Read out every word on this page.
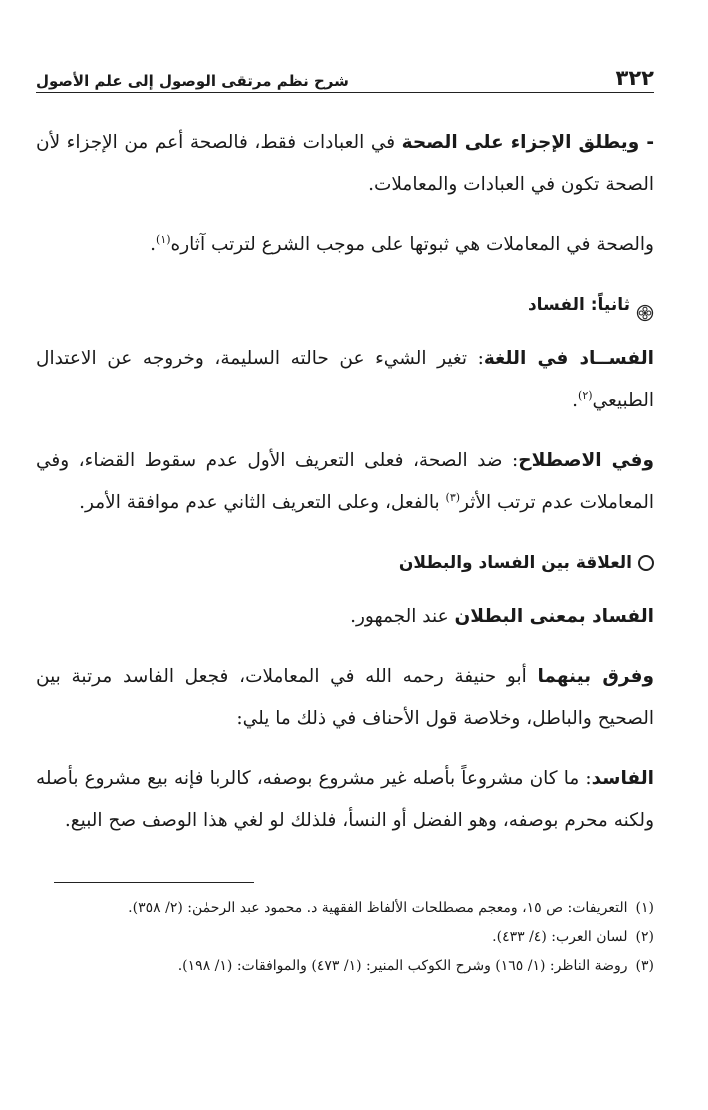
٣٢٢
شرح نظم مرتقى الوصول إلى علم الأصول

- ويطلق الإجزاء على الصحة في العبادات فقط، فالصحة أعم من الإجزاء لأن الصحة تكون في العبادات والمعاملات.

والصحة في المعاملات هي ثبوتها على موجب الشرع لترتب آثاره$^{(١)}$.

ثانياً: الفساد

الفســاد في اللغة: تغير الشيء عن حالته السليمة، وخروجه عن الاعتدال الطبيعي$^{(٢)}$.

وفي الاصطلاح: ضد الصحة، فعلى التعريف الأول عدم سقوط القضاء، وفي المعاملات عدم ترتب الأثر$^{(٣)}$ بالفعل، وعلى التعريف الثاني عدم موافقة الأمر.

العلاقة بين الفساد والبطلان

الفساد بمعنى البطلان عند الجمهور.

وفرق بينهما أبو حنيفة رحمه الله في المعاملات، فجعل الفاسد مرتبة بين الصحيح والباطل، وخلاصة قول الأحناف في ذلك ما يلي:

الفاسد: ما كان مشروعاً بأصله غير مشروع بوصفه، كالربا فإنه بيع مشروع بأصله ولكنه محرم بوصفه، وهو الفضل أو النسأ، فلذلك لو لغي هذا الوصف صح البيع.

(١)
التعريفات: ص ١٥، ومعجم مصطلحات الألفاظ الفقهية د. محمود عبد الرحمٰن: (٢/ ٣٥٨).
(٢)
لسان العرب: (٤/ ٤٣٣).
(٣)
روضة الناظر: (١/ ١٦٥) وشرح الكوكب المنير: (١/ ٤٧٣) والموافقات: (١/ ١٩٨).
